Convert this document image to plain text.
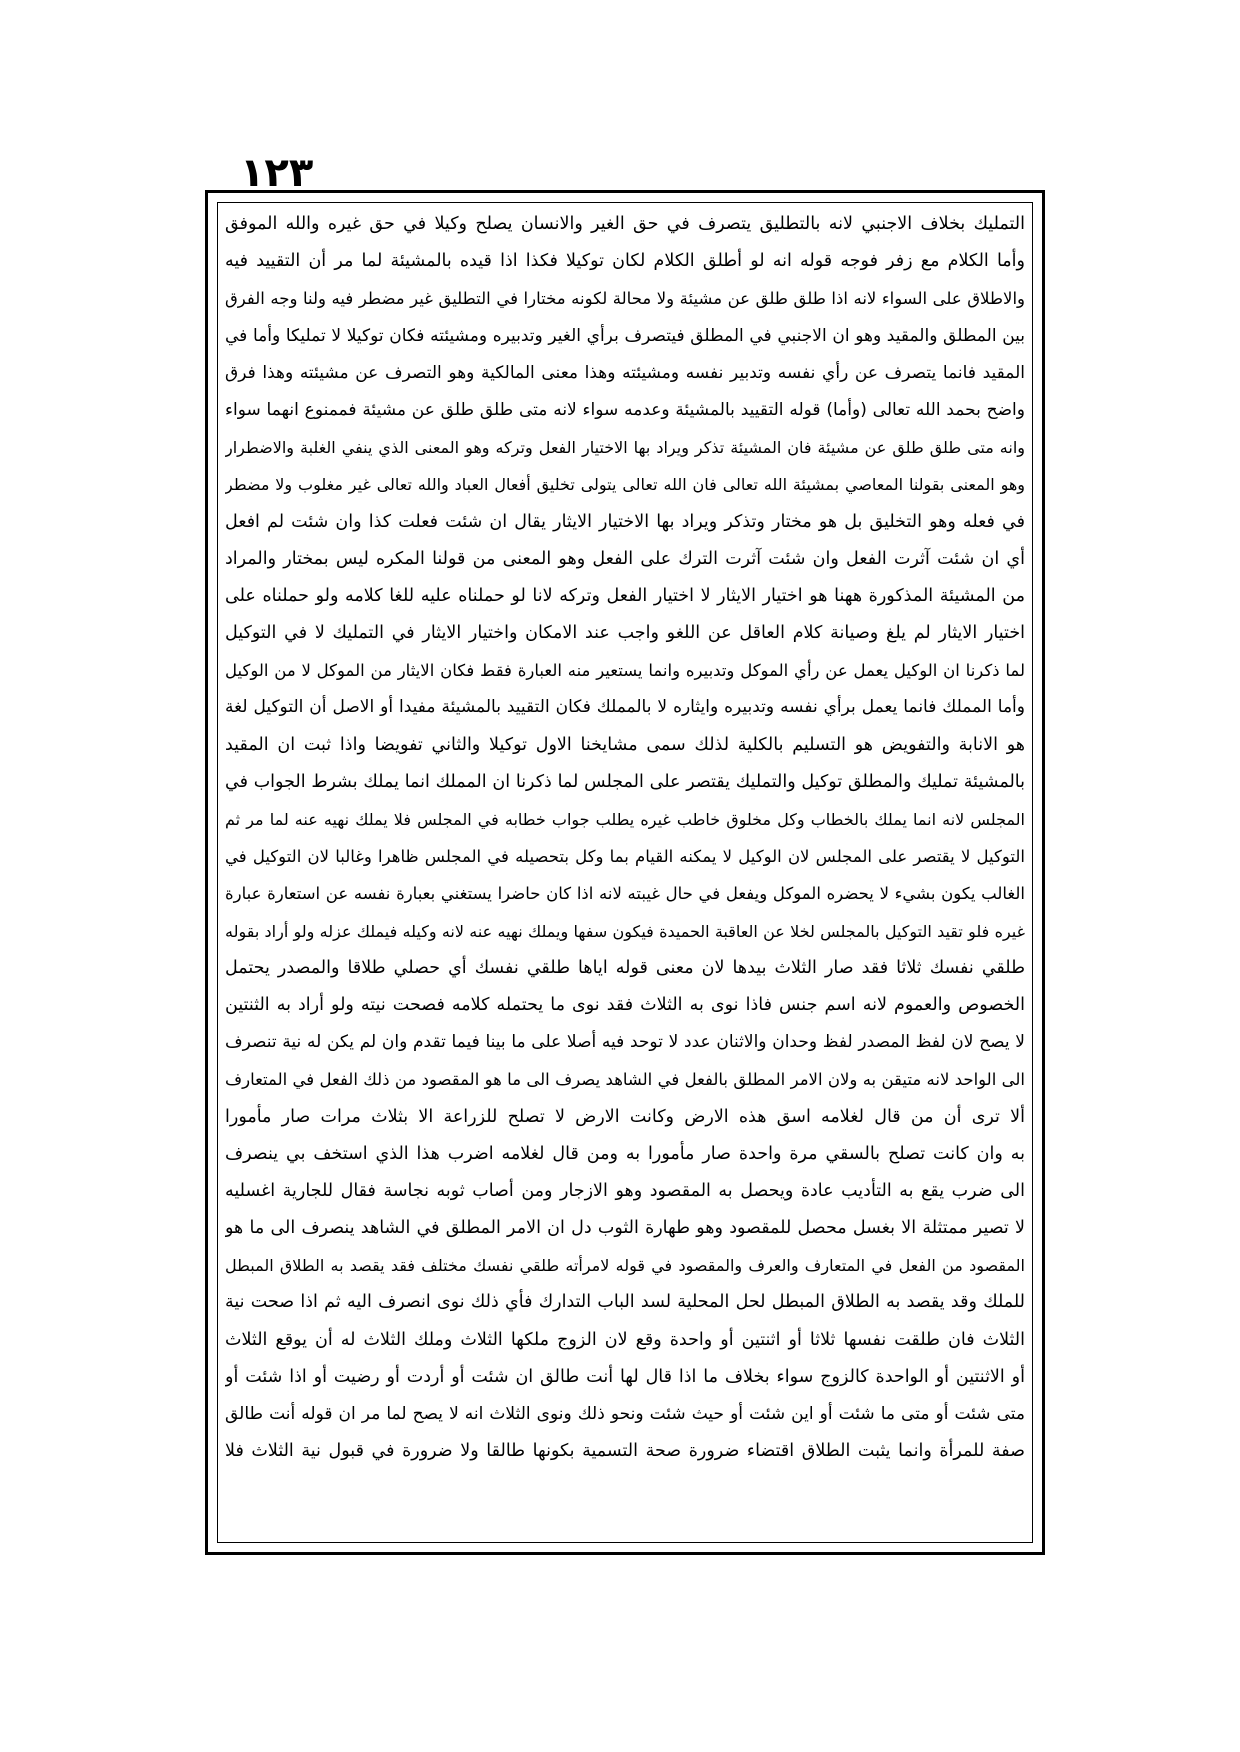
۱۲۳
التمليك بخلاف الاجنبي لانه بالتطليق يتصرف في حق الغير والانسان يصلح وكيلا في حق غيره والله الموفق
وأما الكلام مع زفر فوجه قوله انه لو أطلق الكلام لكان توكيلا فكذا اذا قيده بالمشيئة لما مر أن التقييد فيه
والاطلاق على السواء لانه اذا طلق طلق عن مشيئة ولا محالة لكونه مختارا في التطليق غير مضطر فيه ولنا وجه الفرق
بين المطلق والمقيد وهو ان الاجنبي في المطلق فيتصرف برأي الغير وتدبيره ومشيئته فكان توكيلا لا تمليكا وأما في
المقيد فانما يتصرف عن رأي نفسه وتدبير نفسه ومشيئته وهذا معنى المالكية وهو التصرف عن مشيئته وهذا فرق
واضح بحمد الله تعالى (وأما) قوله التقييد بالمشيئة وعدمه سواء لانه متى طلق طلق عن مشيئة فممنوع انهما سواء
وانه متى طلق طلق عن مشيئة فان المشيئة تذكر ويراد بها الاختيار الفعل وتركه وهو المعنى الذي ينفي الغلبة والاضطرار
وهو المعنى بقولنا المعاصي بمشيئة الله تعالى فان الله تعالى يتولى تخليق أفعال العباد والله تعالى غير مغلوب ولا مضطر
في فعله وهو التخليق بل هو مختار وتذكر ويراد بها الاختيار الايثار يقال ان شئت فعلت كذا وان شئت لم افعل
أي ان شئت آثرت الفعل وان شئت آثرت الترك على الفعل وهو المعنى من قولنا المكره ليس بمختار والمراد
من المشيئة المذكورة ههنا هو اختيار الايثار لا اختيار الفعل وتركه لانا لو حملناه عليه للغا كلامه ولو حملناه على
اختيار الايثار لم يلغ وصيانة كلام العاقل عن اللغو واجب عند الامكان واختيار الايثار في التمليك لا في التوكيل
لما ذكرنا ان الوكيل يعمل عن رأي الموكل وتدبيره وانما يستعير منه العبارة فقط فكان الايثار من الموكل لا من الوكيل
وأما المملك فانما يعمل برأي نفسه وتدبيره وايثاره لا بالمملك فكان التقييد بالمشيئة مفيدا أو الاصل أن التوكيل لغة
هو الانابة والتفويض هو التسليم بالكلية لذلك سمى مشايخنا الاول توكيلا والثاني تفويضا واذا ثبت ان المقيد
بالمشيئة تمليك والمطلق توكيل والتمليك يقتصر على المجلس لما ذكرنا ان المملك انما يملك بشرط الجواب في
المجلس لانه انما يملك بالخطاب وكل مخلوق خاطب غيره يطلب جواب خطابه في المجلس فلا يملك نهيه عنه لما مر ثم
التوكيل لا يقتصر على المجلس لان الوكيل لا يمكنه القيام بما وكل بتحصيله في المجلس ظاهرا وغالبا لان التوكيل في
الغالب يكون بشيء لا يحضره الموكل ويفعل في حال غيبته لانه اذا كان حاضرا يستغني بعبارة نفسه عن استعارة عبارة
غيره فلو تقيد التوكيل بالمجلس لخلا عن العاقبة الحميدة فيكون سفها ويملك نهيه عنه لانه وكيله فيملك عزله ولو أراد بقوله
طلقي نفسك ثلاثا فقد صار الثلاث بيدها لان معنى قوله اياها طلقي نفسك أي حصلي طلاقا والمصدر يحتمل
الخصوص والعموم لانه اسم جنس فاذا نوى به الثلاث فقد نوى ما يحتمله كلامه فصحت نيته ولو أراد به الثنتين
لا يصح لان لفظ المصدر لفظ وحدان والاثنان عدد لا توحد فيه أصلا على ما بينا فيما تقدم وان لم يكن له نية تنصرف
الى الواحد لانه متيقن به ولان الامر المطلق بالفعل في الشاهد يصرف الى ما هو المقصود من ذلك الفعل في المتعارف
ألا ترى أن من قال لغلامه اسق هذه الارض وكانت الارض لا تصلح للزراعة الا بثلاث مرات صار مأمورا
به وان كانت تصلح بالسقي مرة واحدة صار مأمورا به ومن قال لغلامه اضرب هذا الذي استخف بي ينصرف
الى ضرب يقع به التأديب عادة ويحصل به المقصود وهو الازجار ومن أصاب ثوبه نجاسة فقال للجارية اغسليه
لا تصير ممتثلة الا بغسل محصل للمقصود وهو طهارة الثوب دل ان الامر المطلق في الشاهد ينصرف الى ما هو
المقصود من الفعل في المتعارف والعرف والمقصود في قوله لامرأته طلقي نفسك مختلف فقد يقصد به الطلاق المبطل
للملك وقد يقصد به الطلاق المبطل لحل المحلية لسد الباب التدارك فأي ذلك نوى انصرف اليه ثم اذا صحت نية
الثلاث فان طلقت نفسها ثلاثا أو اثنتين أو واحدة وقع لان الزوج ملكها الثلاث وملك الثلاث له أن يوقع الثلاث
أو الاثنتين أو الواحدة كالزوج سواء بخلاف ما اذا قال لها أنت طالق ان شئت أو أردت أو رضيت أو اذا شئت أو
متى شئت أو متى ما شئت أو اين شئت أو حيث شئت ونحو ذلك ونوى الثلاث انه لا يصح لما مر ان قوله أنت طالق
صفة للمرأة وانما يثبت الطلاق اقتضاء ضرورة صحة التسمية بكونها طالقا ولا ضرورة في قبول نية الثلاث فلا
